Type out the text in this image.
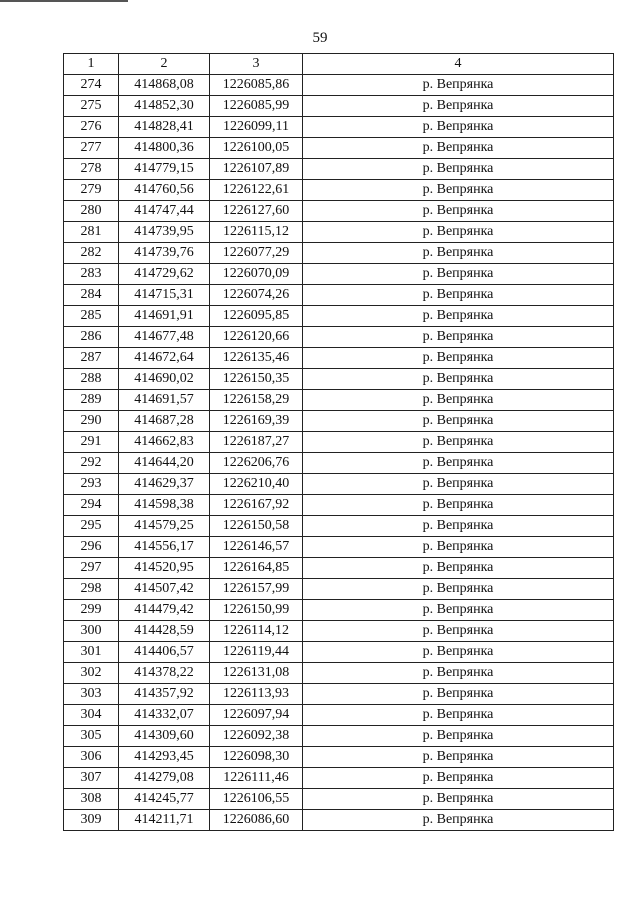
59
1	2	3	4
274	414868,08	1226085,86	р. Вепрянка
275	414852,30	1226085,99	р. Вепрянка
276	414828,41	1226099,11	р. Вепрянка
277	414800,36	1226100,05	р. Вепрянка
278	414779,15	1226107,89	р. Вепрянка
279	414760,56	1226122,61	р. Вепрянка
280	414747,44	1226127,60	р. Вепрянка
281	414739,95	1226115,12	р. Вепрянка
282	414739,76	1226077,29	р. Вепрянка
283	414729,62	1226070,09	р. Вепрянка
284	414715,31	1226074,26	р. Вепрянка
285	414691,91	1226095,85	р. Вепрянка
286	414677,48	1226120,66	р. Вепрянка
287	414672,64	1226135,46	р. Вепрянка
288	414690,02	1226150,35	р. Вепрянка
289	414691,57	1226158,29	р. Вепрянка
290	414687,28	1226169,39	р. Вепрянка
291	414662,83	1226187,27	р. Вепрянка
292	414644,20	1226206,76	р. Вепрянка
293	414629,37	1226210,40	р. Вепрянка
294	414598,38	1226167,92	р. Вепрянка
295	414579,25	1226150,58	р. Вепрянка
296	414556,17	1226146,57	р. Вепрянка
297	414520,95	1226164,85	р. Вепрянка
298	414507,42	1226157,99	р. Вепрянка
299	414479,42	1226150,99	р. Вепрянка
300	414428,59	1226114,12	р. Вепрянка
301	414406,57	1226119,44	р. Вепрянка
302	414378,22	1226131,08	р. Вепрянка
303	414357,92	1226113,93	р. Вепрянка
304	414332,07	1226097,94	р. Вепрянка
305	414309,60	1226092,38	р. Вепрянка
306	414293,45	1226098,30	р. Вепрянка
307	414279,08	1226111,46	р. Вепрянка
308	414245,77	1226106,55	р. Вепрянка
309	414211,71	1226086,60	р. Вепрянка
